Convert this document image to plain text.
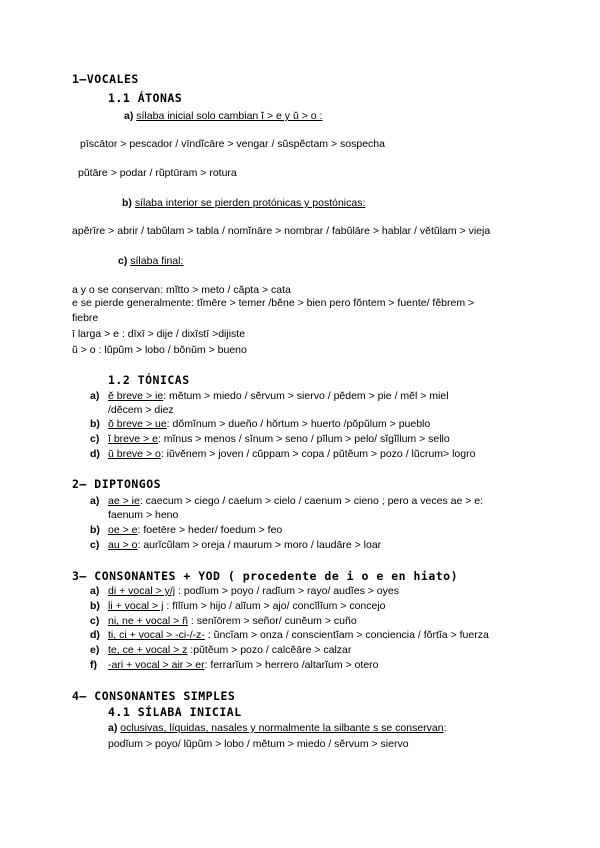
1–VOCALES
1.1 ÁTONAS
a) sílaba inicial solo cambian ĭ > e y ŭ > o :
pīscātor > pescador / vīndĭcāre > vengar / sŭspĕctam > sospecha
pŭtāre > podar / rŭptūram > rotura
b) sílaba interior se pierden protónicas y postónicas:
apĕrīre > abrir / tabŭlam > tabla / nomĭnāre > nombrar / fabŭlāre > hablar / vĕtŭlam > vieja
c) sílaba final:
a y o se conservan: mĭtto > meto / căpta > cata
e se pierde generalmente: tĭmēre > temer /bĕne > bien pero fŏntem > fuente/ fĕbrem >
fiebre
ī larga > e : dīxī > dije / dixīstī >dijiste
ŭ > o : lŭpŭm > lobo / bŏnŭm > bueno
1.2 TÓNICAS
a) ĕ breve > ie: mĕtum > miedo / sĕrvum > siervo / pĕdem > pie / mĕl > miel
/dĕcem > diez
b) ŏ breve > ue: dŏmĭnum > dueño / hŏrtum > huerto /pŏpŭlum > pueblo
c) ĭ breve > e: mĭnus > menos / sĭnum > seno / pĭlum > pelo/ sĭgĭllum > sello
d) ŭ breve > o: iŭvĕnem > joven / cŭppam > copa / pŭtĕum > pozo / lŭcrum> logro
2– DIPTONGOS
a) ae > ie: caecum > ciego / caelum > cielo / caenum > cieno ; pero a veces ae > e:
faenum > heno
b) oe > e: foetēre > heder/ foedum > feo
c) au > o: aurĭcŭlam > oreja / maurum > moro / laudāre > loar
3– CONSONANTES + YOD ( procedente de i o e en hiato)
a) di + vocal > y/j : podĭum > poyo / radĭum > rayo/ audĭes > oyes
b) li + vocal > j : fīlĭum > hijo / alĭum > ajo/ concĭlĭum > concejo
c) ni, ne + vocal > ñ : senĭōrem > señor/ cunĕum > cuño
d) ti, ci + vocal > -ci-/-z- : ŭncĭam > onza / conscientĭam > conciencia / fŏrtĭa > fuerza
e) te, ce + vocal > z :pŭtĕum > pozo / calcĕāre > calzar
f) -ari + vocal > air > er: ferrarĭum > herrero /altarĭum > otero
4– CONSONANTES SIMPLES
4.1 SÍLABA INICIAL
a) oclusivas, líquidas, nasales y normalmente la silbante s se conservan:
podĭum > poyo/ lŭpŭm > lobo / mĕtum > miedo / sĕrvum > siervo
